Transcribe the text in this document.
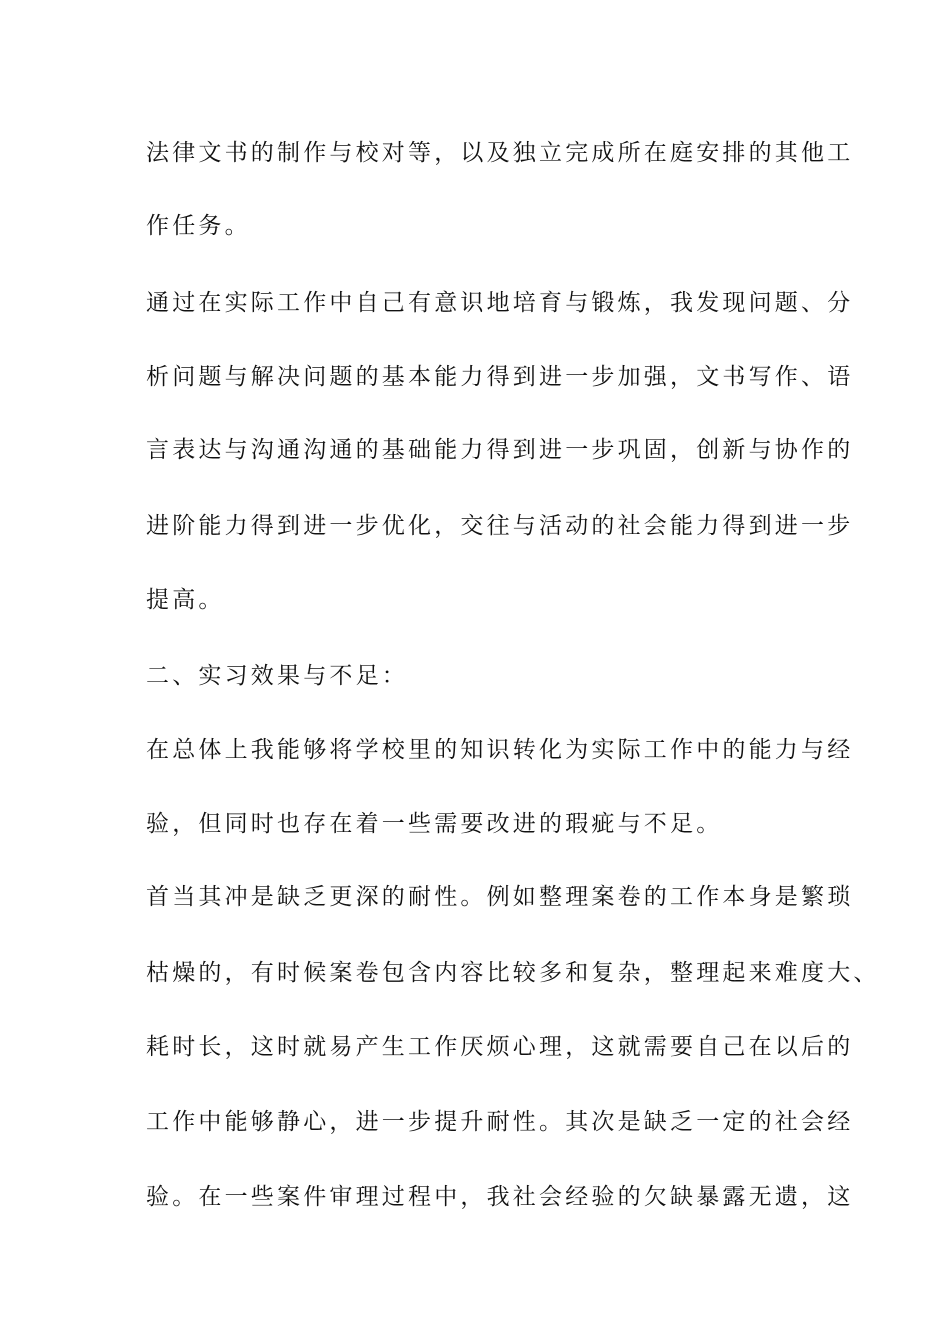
法律文书的制作与校对等，以及独立完成所在庭安排的其他工
作任务。
通过在实际工作中自己有意识地培育与锻炼，我发现问题、分
析问题与解决问题的基本能力得到进一步加强，文书写作、语
言表达与沟通沟通的基础能力得到进一步巩固，创新与协作的
进阶能力得到进一步优化，交往与活动的社会能力得到进一步
提高。
二、实习效果与不足：
在总体上我能够将学校里的知识转化为实际工作中的能力与经
验，但同时也存在着一些需要改进的瑕疵与不足。
首当其冲是缺乏更深的耐性。例如整理案卷的工作本身是繁琐
枯燥的，有时候案卷包含内容比较多和复杂，整理起来难度大、
耗时长，这时就易产生工作厌烦心理，这就需要自己在以后的
工作中能够静心，进一步提升耐性。其次是缺乏一定的社会经
验。在一些案件审理过程中，我社会经验的欠缺暴露无遗，这
